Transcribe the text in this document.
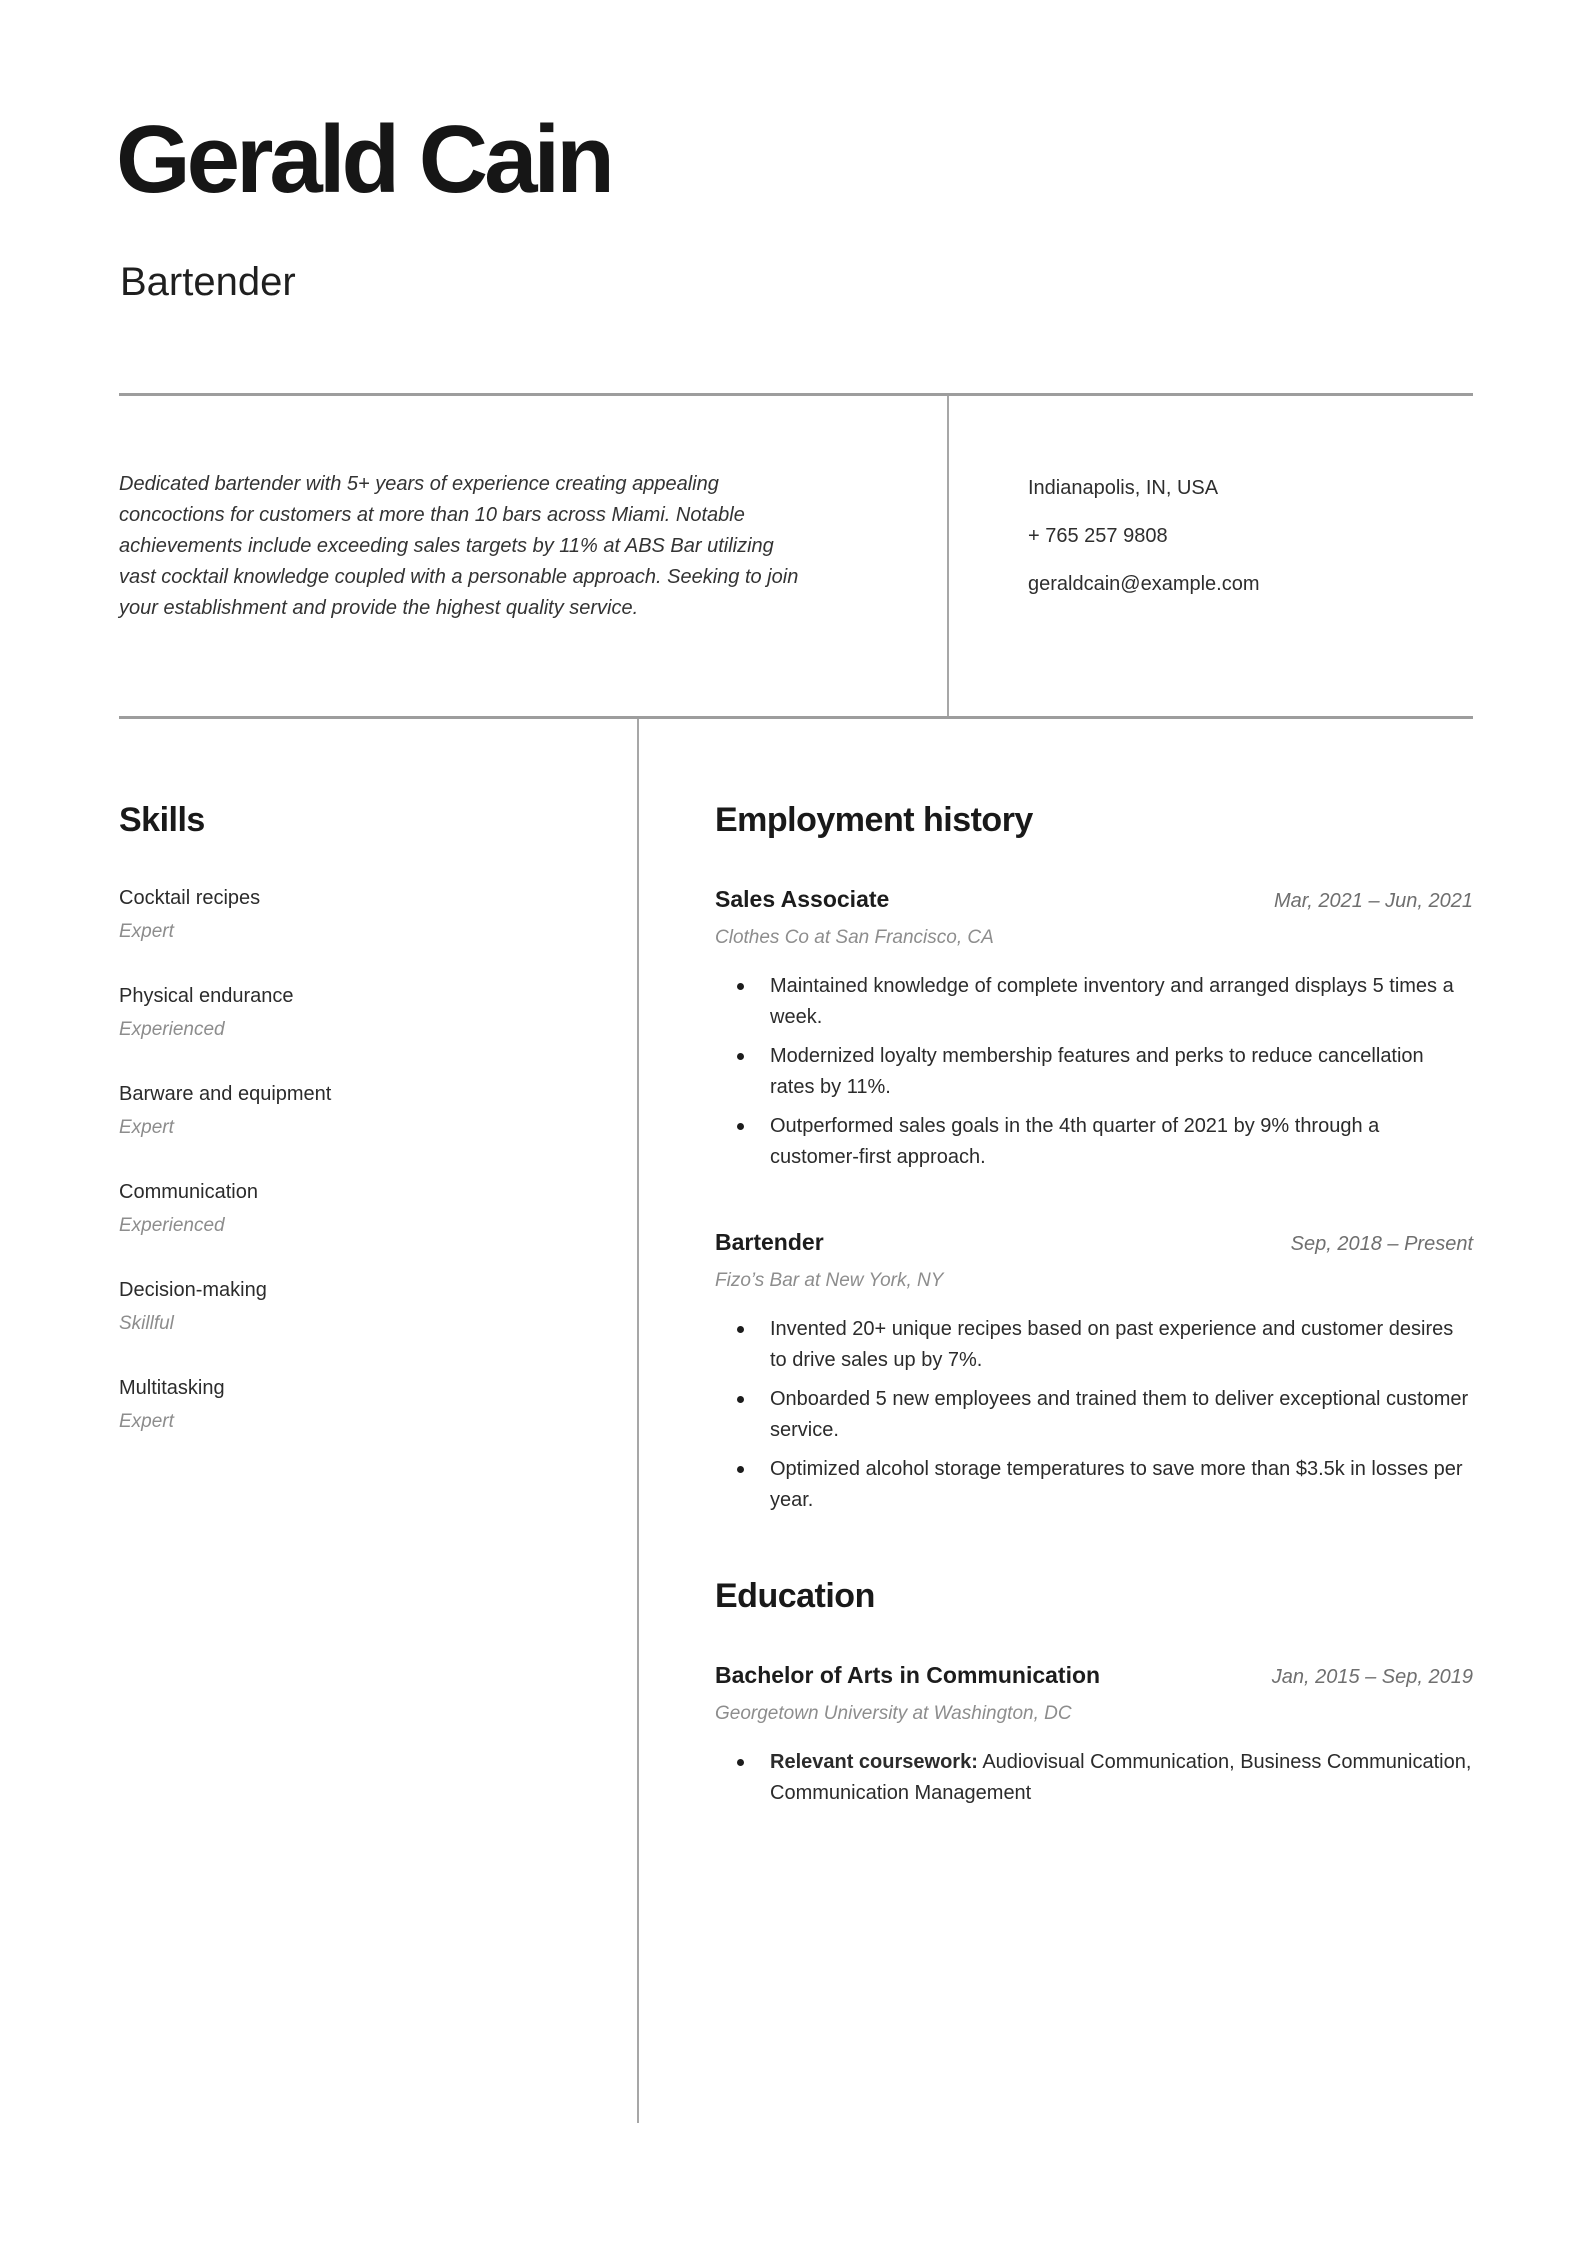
Gerald Cain
Bartender
Dedicated bartender with 5+ years of experience creating appealing concoctions for customers at more than 10 bars across Miami. Notable achievements include exceeding sales targets by 11% at ABS Bar utilizing vast cocktail knowledge coupled with a personable approach. Seeking to join your establishment and provide the highest quality service.
Indianapolis, IN, USA
+ 765 257 9808
geraldcain@example.com
Skills
Cocktail recipes
Expert
Physical endurance
Experienced
Barware and equipment
Expert
Communication
Experienced
Decision-making
Skillful
Multitasking
Expert
Employment history
Sales Associate	Mar, 2021 – Jun, 2021
Clothes Co at San Francisco, CA
Maintained knowledge of complete inventory and arranged displays 5 times a week.
Modernized loyalty membership features and perks to reduce cancellation rates by 11%.
Outperformed sales goals in the 4th quarter of 2021 by 9% through a customer-first approach.
Bartender	Sep, 2018 – Present
Fizo’s Bar at New York, NY
Invented 20+ unique recipes based on past experience and customer desires to drive sales up by 7%.
Onboarded 5 new employees and trained them to deliver exceptional customer service.
Optimized alcohol storage temperatures to save more than $3.5k in losses per year.
Education
Bachelor of Arts in Communication	Jan, 2015 – Sep, 2019
Georgetown University at Washington, DC
Relevant coursework: Audiovisual Communication, Business Communication, Communication Management
